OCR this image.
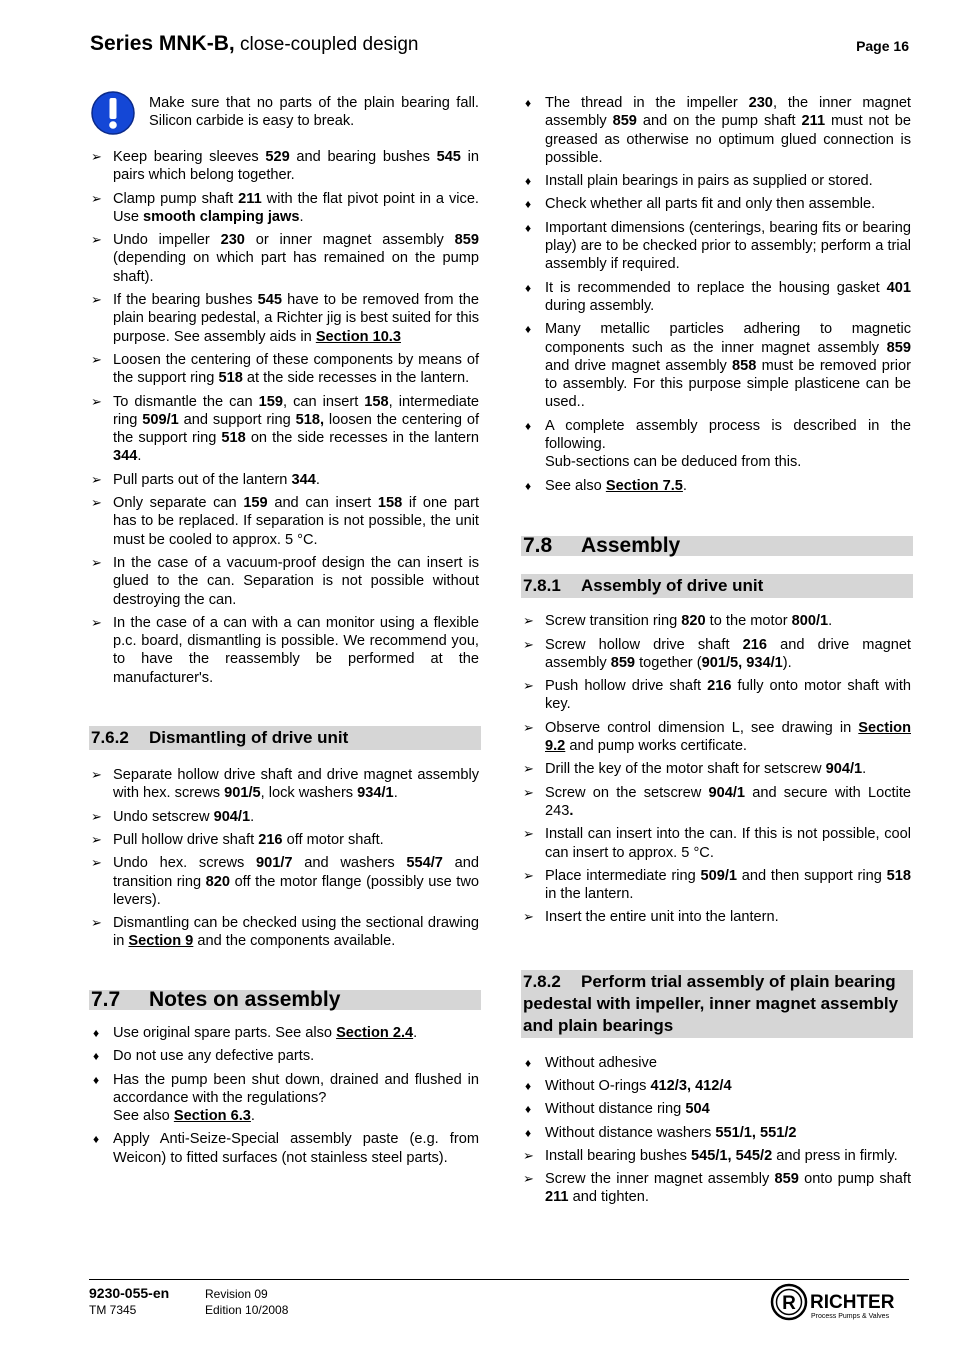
Series MNK-B, close-coupled design	Page 16
Make sure that no parts of the plain bearing fall. Silicon carbide is easy to break.
➢ Keep bearing sleeves 529 and bearing bushes 545 in pairs which belong together.
➢ Clamp pump shaft 211 with the flat pivot point in a vice. Use smooth clamping jaws.
➢ Undo impeller 230 or inner magnet assembly 859 (depending on which part has remained on the pump shaft).
➢ If the bearing bushes 545 have to be removed from the plain bearing pedestal, a Richter jig is best suited for this purpose. See assembly aids in Section 10.3
➢ Loosen the centering of these components by means of the support ring 518 at the side recesses in the lantern.
➢ To dismantle the can 159, can insert 158, intermediate ring 509/1 and support ring 518, loosen the centering of the support ring 518 on the side recesses in the lantern 344.
➢ Pull parts out of the lantern 344.
➢ Only separate can 159 and can insert 158 if one part has to be replaced. If separation is not possible, the unit must be cooled to approx. 5 °C.
➢ In the case of a vacuum-proof design the can insert is glued to the can. Separation is not possible without destroying the can.
➢ In the case of a can with a can monitor using a flexible p.c. board, dismantling is possible. We recommend you, to have the reassembly be performed at the manufacturer's.
7.6.2 Dismantling of drive unit
➢ Separate hollow drive shaft and drive magnet assembly with hex. screws 901/5, lock washers 934/1.
➢ Undo setscrew 904/1.
➢ Pull hollow drive shaft 216 off motor shaft.
➢ Undo hex. screws 901/7 and washers 554/7 and transition ring 820 off the motor flange (possibly use two levers).
➢ Dismantling can be checked using the sectional drawing in Section 9 and the components available.
7.7 Notes on assembly
♦ Use original spare parts. See also Section 2.4.
♦ Do not use any defective parts.
♦ Has the pump been shut down, drained and flushed in accordance with the regulations?
See also Section 6.3.
♦ Apply Anti-Seize-Special assembly paste (e.g. from Weicon) to fitted surfaces (not stainless steel parts).
♦ The thread in the impeller 230, the inner magnet assembly 859 and on the pump shaft 211 must not be greased as otherwise no optimum glued connection is possible.
♦ Install plain bearings in pairs as supplied or stored.
♦ Check whether all parts fit and only then assemble.
♦ Important dimensions (centerings, bearing fits or bearing play) are to be checked prior to assembly; perform a trial assembly if required.
♦ It is recommended to replace the housing gasket 401 during assembly.
♦ Many metallic particles adhering to magnetic components such as the inner magnet assembly 859 and drive magnet assembly 858 must be removed prior to assembly. For this purpose simple plasticene can be used..
♦ A complete assembly process is described in the following.
Sub-sections can be deduced from this.
♦ See also Section 7.5.
7.8 Assembly
7.8.1 Assembly of drive unit
➢ Screw transition ring 820 to the motor 800/1.
➢ Screw hollow drive shaft 216 and drive magnet assembly 859 together (901/5, 934/1).
➢ Push hollow drive shaft 216 fully onto motor shaft with key.
➢ Observe control dimension L, see drawing in Section 9.2 and pump works certificate.
➢ Drill the key of the motor shaft for setscrew 904/1.
➢ Screw on the setscrew 904/1 and secure with Loctite 243.
➢ Install can insert into the can. If this is not possible, cool can insert to approx. 5 °C.
➢ Place intermediate ring 509/1 and then support ring 518 in the lantern.
➢ Insert the entire unit into the lantern.
7.8.2 Perform trial assembly of plain bearing pedestal with impeller, inner magnet assembly and plain bearings
♦ Without adhesive
♦ Without O-rings 412/3, 412/4
♦ Without distance ring 504
♦ Without distance washers 551/1, 551/2
➢ Install bearing bushes 545/1, 545/2 and press in firmly.
➢ Screw the inner magnet assembly 859 onto pump shaft 211 and tighten.
9230-055-en
TM 7345
Revision 09
Edition 10/2008	R RICHTER
Process Pumps & Valves
